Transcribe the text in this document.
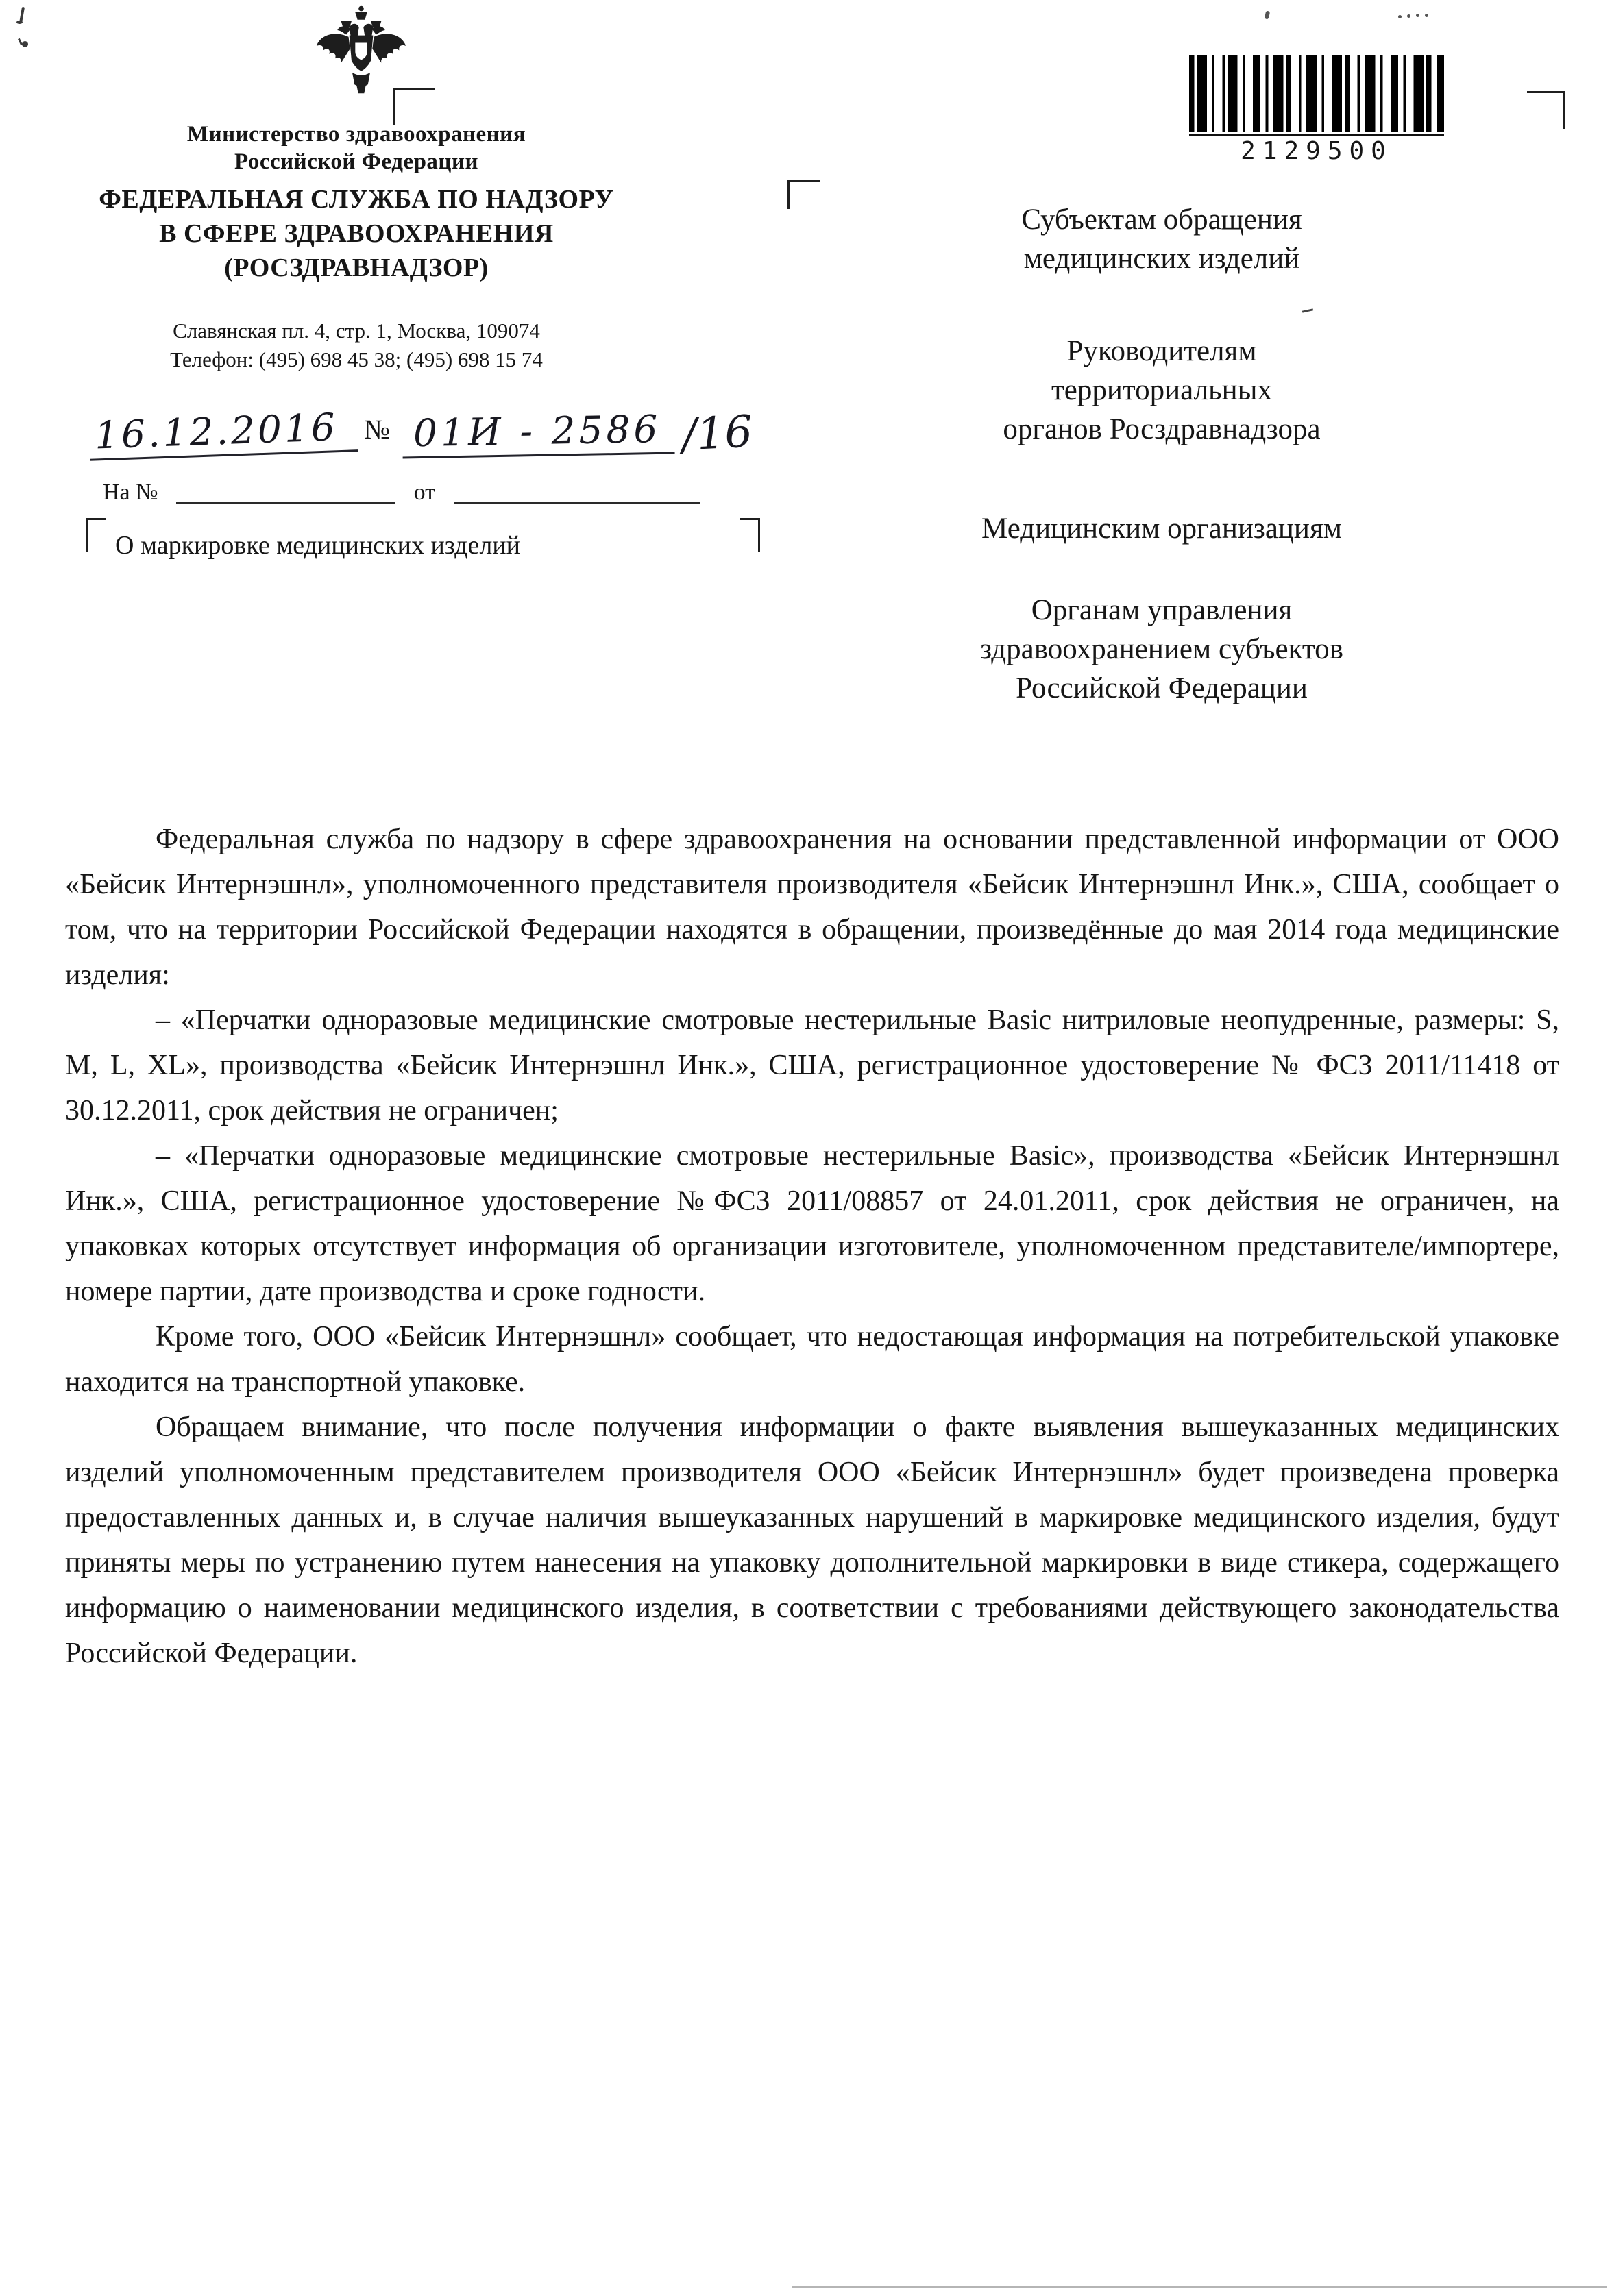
Министерство здравоохранения
Российской Федерации
ФЕДЕРАЛЬНАЯ СЛУЖБА ПО НАДЗОРУ
В СФЕРЕ ЗДРАВООХРАНЕНИЯ
(РОСЗДРАВНАДЗОР)
Славянская пл. 4, стр. 1, Москва, 109074
Телефон: (495) 698 45 38; (495) 698 15 74
16.12.2016 № 01И - 2586 /16
На №	от
О маркировке медицинских изделий
2129500
Субъектам обращения
медицинских изделий
Руководителям
территориальных
органов Росздравнадзора
Медицинским организациям
Органам управления
здравоохранением субъектов
Российской Федерации

Федеральная служба по надзору в сфере здравоохранения на основании представленной информации от ООО «Бейсик Интернэшнл», уполномоченного представителя производителя «Бейсик Интернэшнл Инк.», США, сообщает о том, что на территории Российской Федерации находятся в обращении, произведённые до мая 2014 года медицинские изделия:

– «Перчатки одноразовые медицинские смотровые нестерильные Basic нитриловые неопудренные, размеры: S, M, L, XL», производства «Бейсик Интернэшнл Инк.», США, регистрационное удостоверение № ФСЗ 2011/11418 от 30.12.2011, срок действия не ограничен;

– «Перчатки одноразовые медицинские смотровые нестерильные Basic», производства «Бейсик Интернэшнл Инк.», США, регистрационное удостоверение №ФСЗ 2011/08857 от 24.01.2011, срок действия не ограничен, на упаковках которых отсутствует информация об организации изготовителе, уполномоченном представителе/импортере, номере партии, дате производства и сроке годности.

Кроме того, ООО «Бейсик Интернэшнл» сообщает, что недостающая информация на потребительской упаковке находится на транспортной упаковке.

Обращаем внимание, что после получения информации о факте выявления вышеуказанных медицинских изделий уполномоченным представителем производителя ООО «Бейсик Интернэшнл» будет произведена проверка предоставленных данных и, в случае наличия вышеуказанных нарушений в маркировке медицинского изделия, будут приняты меры по устранению путем нанесения на упаковку дополнительной маркировки в виде стикера, содержащего информацию о наименовании медицинского изделия, в соответствии с требованиями действующего законодательства Российской Федерации.
